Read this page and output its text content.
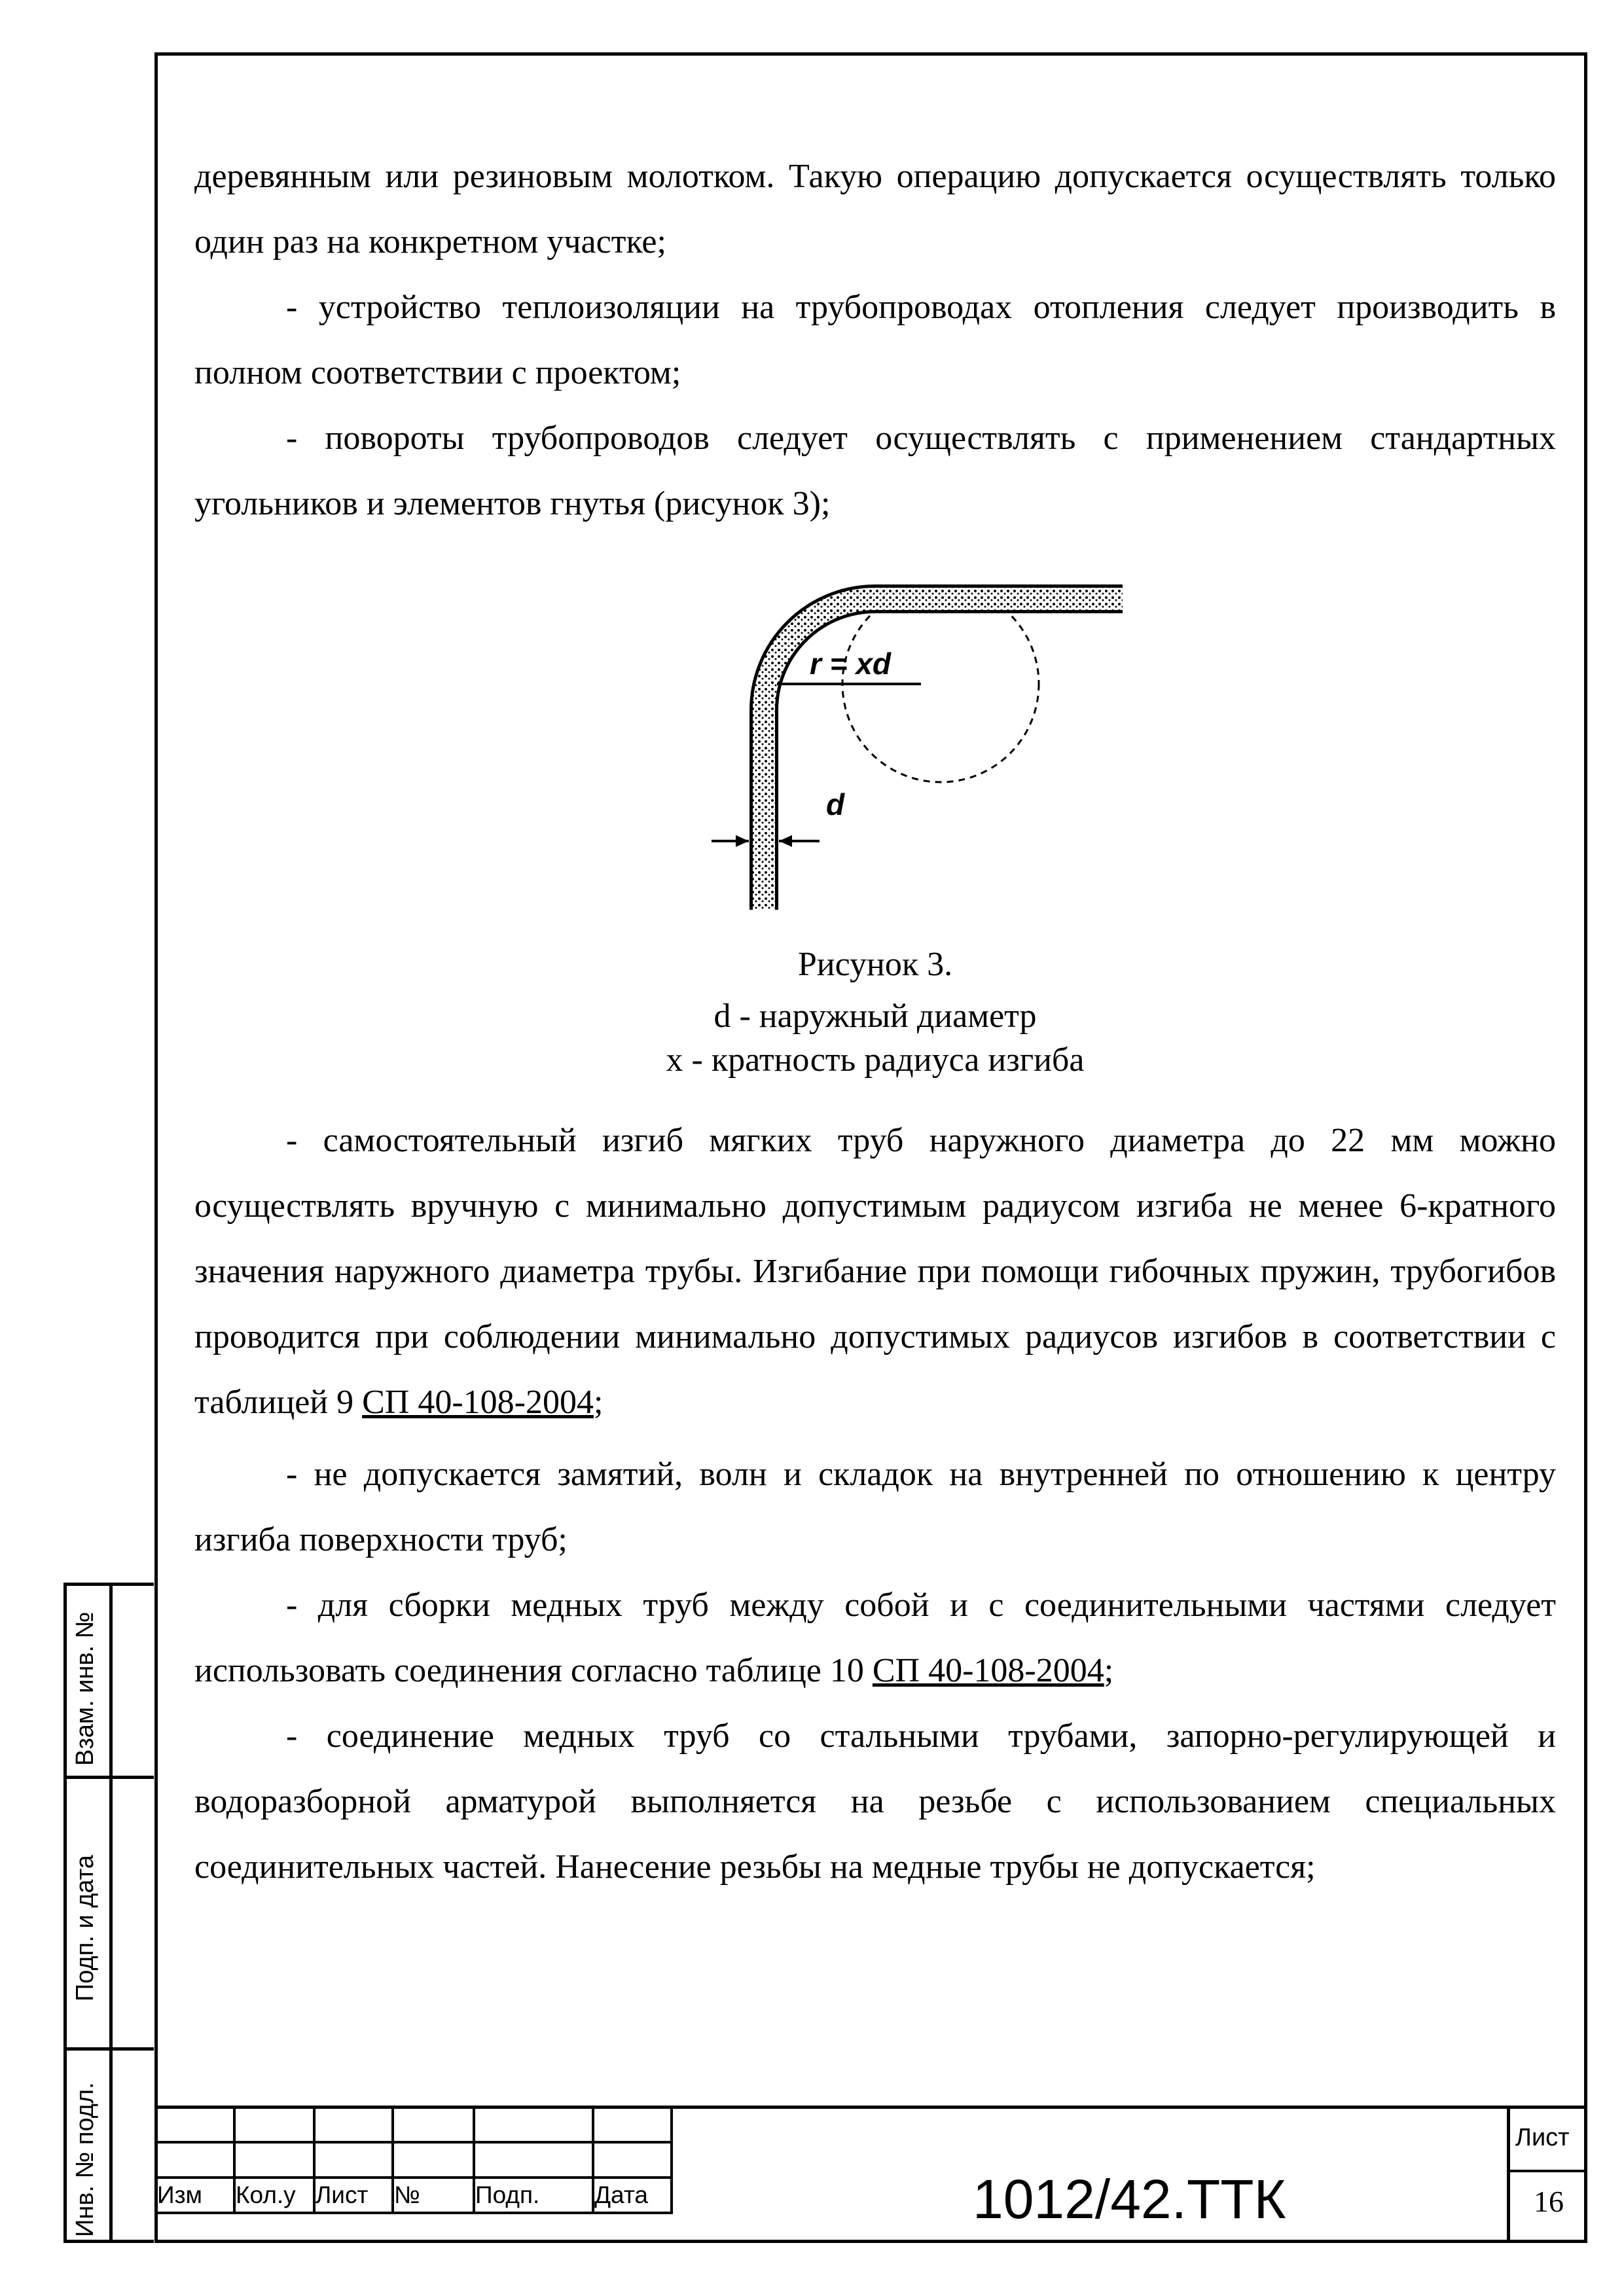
деревянным или резиновым молотком. Такую операцию допускается осуществлять только один раз на конкретном участке;

- устройство теплоизоляции на трубопроводах отопления следует производить в полном соответствии с проектом;

- повороты трубопроводов следует осуществлять с применением стандартных угольников и элементов гнутья (рисунок 3);

r = xd
d

Рисунок 3.

d - наружный диаметр

x - кратность радиуса изгиба

- самостоятельный изгиб мягких труб наружного диаметра до 22 мм можно осуществлять вручную с минимально допустимым радиусом изгиба не менее 6-кратного значения наружного диаметра трубы. Изгибание при помощи гибочных пружин, трубогибов проводится при соблюдении минимально допустимых радиусов изгибов в соответствии с таблицей 9 СП 40-108-2004;

- не допускается замятий, волн и складок на внутренней по отношению к центру изгиба поверхности труб;

- для сборки медных труб между собой и с соединительными частями следует использовать соединения согласно таблице 10 СП 40-108-2004;

- соединение медных труб со стальными трубами, запорно-регулирующей и водоразборной арматурой выполняется на резьбе с использованием специальных соединительных частей. Нанесение резьбы на медные трубы не допускается;

Взам. инв. №
Подп. и дата
Инв. № подл.

					Изм	Кол.у	Лист	№	Подп.	Дата	1012/42.ТТК
Лист
16
